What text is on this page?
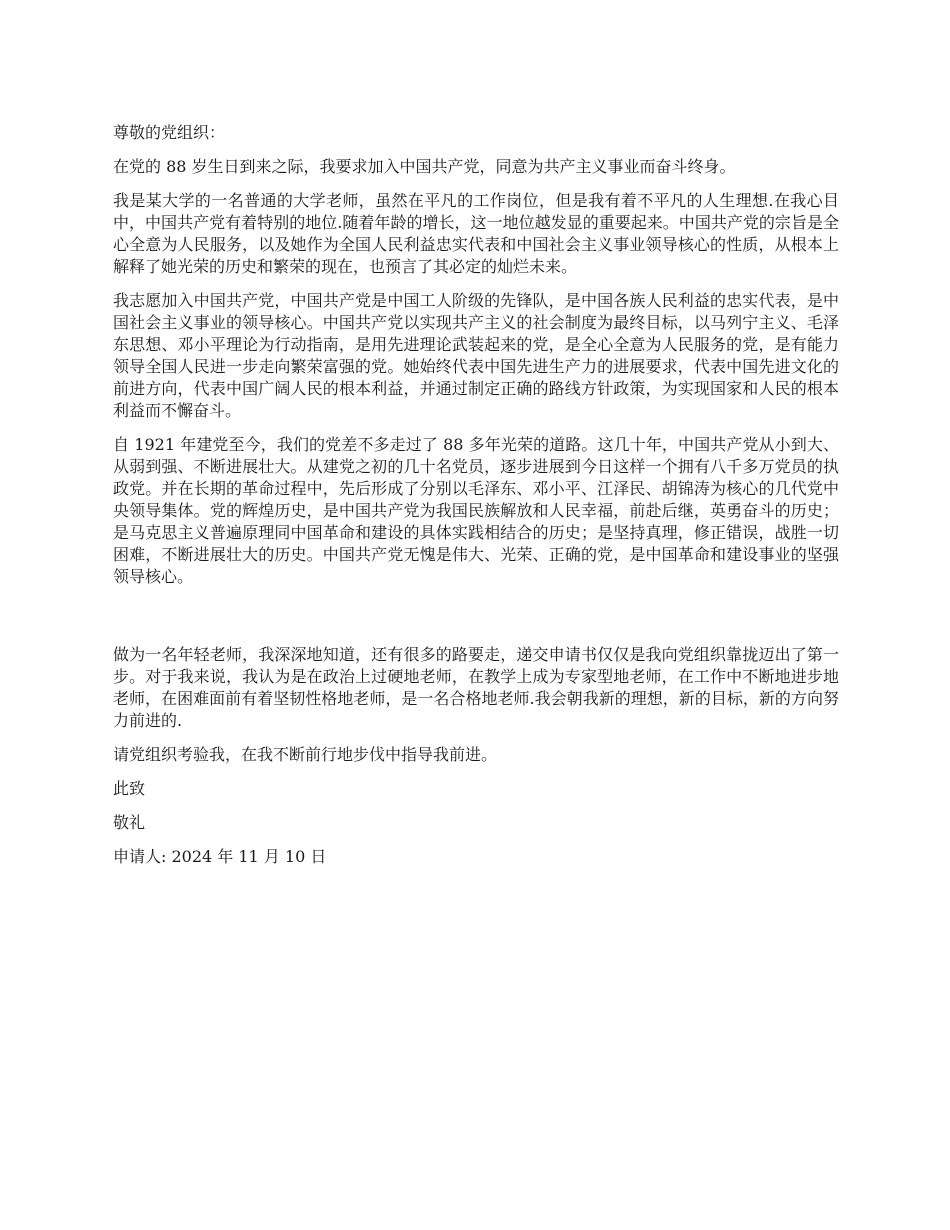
尊敬的党组织：

在党的 88 岁生日到来之际，我要求加入中国共产党，同意为共产主义事业而奋斗终身。

我是某大学的一名普通的大学老师，虽然在平凡的工作岗位，但是我有着不平凡的人生理想.在我心目中，中国共产党有着特别的地位.随着年龄的增长，这一地位越发显的重要起来。中国共产党的宗旨是全心全意为人民服务，以及她作为全国人民利益忠实代表和中国社会主义事业领导核心的性质，从根本上解释了她光荣的历史和繁荣的现在，也预言了其必定的灿烂未来。

我志愿加入中国共产党，中国共产党是中国工人阶级的先锋队，是中国各族人民利益的忠实代表，是中国社会主义事业的领导核心。中国共产党以实现共产主义的社会制度为最终目标，以马列宁主义、毛泽东思想、邓小平理论为行动指南，是用先进理论武装起来的党，是全心全意为人民服务的党，是有能力领导全国人民进一步走向繁荣富强的党。她始终代表中国先进生产力的进展要求，代表中国先进文化的前进方向，代表中国广阔人民的根本利益，并通过制定正确的路线方针政策，为实现国家和人民的根本利益而不懈奋斗。

自 1921 年建党至今，我们的党差不多走过了 88 多年光荣的道路。这几十年，中国共产党从小到大、从弱到强、不断进展壮大。从建党之初的几十名党员，逐步进展到今日这样一个拥有八千多万党员的执政党。并在长期的革命过程中，先后形成了分别以毛泽东、邓小平、江泽民、胡锦涛为核心的几代党中央领导集体。党的辉煌历史，是中国共产党为我国民族解放和人民幸福，前赴后继，英勇奋斗的历史；是马克思主义普遍原理同中国革命和建设的具体实践相结合的历史；是坚持真理，修正错误，战胜一切困难，不断进展壮大的历史。中国共产党无愧是伟大、光荣、正确的党，是中国革命和建设事业的坚强领导核心。

做为一名年轻老师，我深深地知道，还有很多的路要走，递交申请书仅仅是我向党组织靠拢迈出了第一步。对于我来说，我认为是在政治上过硬地老师，在教学上成为专家型地老师，在工作中不断地进步地老师，在困难面前有着坚韧性格地老师，是一名合格地老师.我会朝我新的理想，新的目标，新的方向努力前进的.

请党组织考验我，在我不断前行地步伐中指导我前进。

此致

敬礼

申请人: 2024 年 11 月 10 日
